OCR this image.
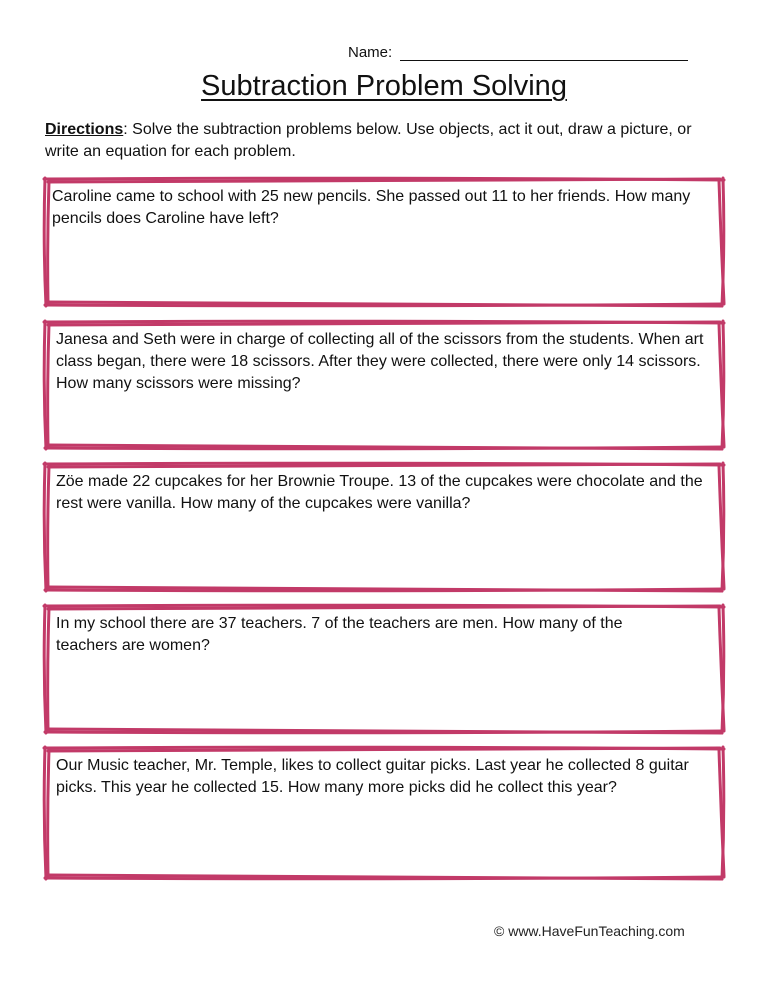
Name:
Subtraction Problem Solving
Directions: Solve the subtraction problems below. Use objects, act it out, draw a picture, or write an equation for each problem.
Caroline came to school with 25 new pencils. She passed out 11 to her friends. How many pencils does Caroline have left?
Janesa and Seth were in charge of collecting all of the scissors from the students. When art class began, there were 18 scissors. After they were collected, there were only 14 scissors. How many scissors were missing?
Zöe made 22 cupcakes for her Brownie Troupe. 13 of the cupcakes were chocolate and the rest were vanilla. How many of the cupcakes were vanilla?
In my school there are 37 teachers. 7 of the teachers are men. How many of the teachers are women?
Our Music teacher, Mr. Temple, likes to collect guitar picks. Last year he collected 8 guitar picks. This year he collected 15. How many more picks did he collect this year?
© www.HaveFunTeaching.com
